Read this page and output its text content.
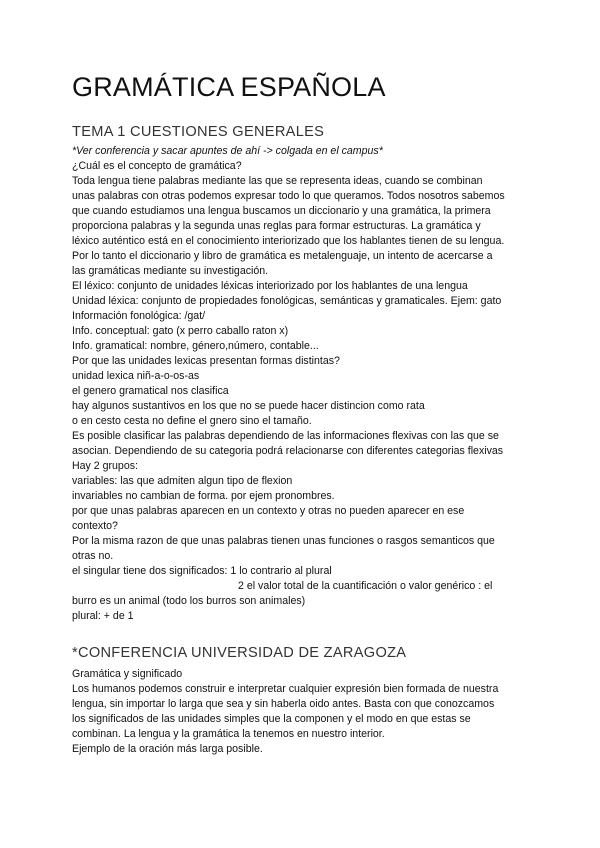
GRAMÁTICA ESPAÑOLA
TEMA 1 CUESTIONES GENERALES
*Ver conferencia y sacar apuntes de ahí -> colgada en el campus*
¿Cuál es el concepto de gramática?
Toda lengua tiene palabras mediante las que se representa ideas, cuando se combinan
unas palabras con otras podemos expresar todo lo que queramos. Todos nosotros sabemos
que cuando estudiamos una lengua buscamos un diccionario y una gramática, la primera
proporciona palabras y la segunda unas reglas para formar estructuras. La gramática y
léxico auténtico está en el conocimiento interiorizado que los hablantes tienen de su lengua.
Por lo tanto el diccionario y libro de gramática es metalenguaje, un intento de acercarse a
las gramáticas mediante su investigación.
El léxico: conjunto de unidades léxicas interiorizado por los hablantes de una lengua
Unidad léxica: conjunto de propiedades fonológicas, semánticas y gramaticales. Ejem: gato
Información fonológica: /gat/
Info. conceptual: gato (x perro caballo raton x)
Info. gramatical: nombre, género,número, contable...
Por que las unidades lexicas presentan formas distintas?
unidad lexica niñ-a-o-os-as
el genero gramatical nos clasifica
hay algunos sustantivos en los que no se puede hacer distincion como rata
o en cesto cesta no define el gnero sino el tamaño.
Es posible clasificar las palabras dependiendo de las informaciones flexivas con las que se
asocian. Dependiendo de su categoria podrá relacionarse con diferentes categorias flexivas
Hay 2 grupos:
variables: las que admiten algun tipo de flexion
invariables no cambian de forma. por ejem pronombres.
por que unas palabras aparecen en un contexto y otras no pueden aparecer en ese
contexto?
Por la misma razon de que unas palabras tienen unas funciones o rasgos semanticos que
otras no.
el singular tiene dos significados: 1 lo contrario al plural
2 el valor total de la cuantificación o valor genérico : el
burro es un animal (todo los burros son animales)
plural: + de 1
*CONFERENCIA UNIVERSIDAD DE ZARAGOZA
Gramática y significado
Los humanos podemos construir e interpretar cualquier expresión bien formada de nuestra
lengua, sin importar lo larga que sea y sin haberla oido antes. Basta con que conozcamos
los significados de las unidades simples que la componen y el modo en que estas se
combinan. La lengua y la gramática la tenemos en nuestro interior.
Ejemplo de la oración más larga posible.
